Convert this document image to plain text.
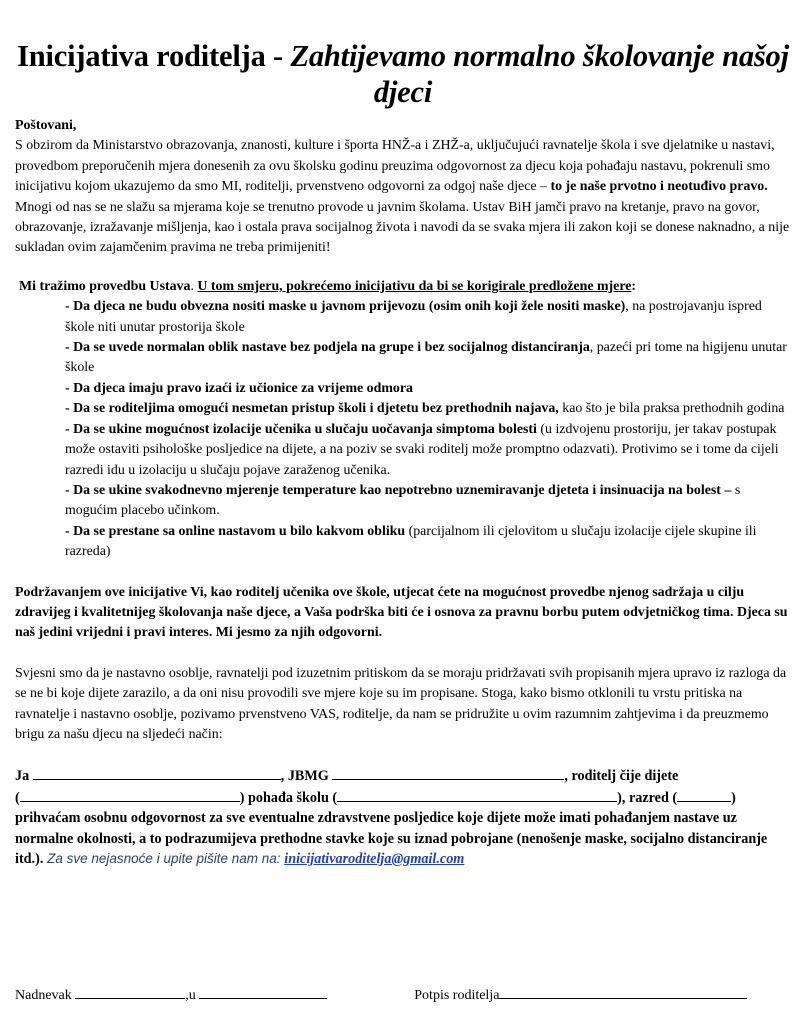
Inicijativa roditelja - Zahtijevamo normalno školovanje našoj djeci
Poštovani,
S obzirom da Ministarstvo obrazovanja, znanosti, kulture i športa HNŽ-a i ZHŽ-a, uključujući ravnatelje škola i sve djelatnike u nastavi, provedbom preporučenih mjera donesenih za ovu školsku godinu preuzima odgovornost za djecu koja pohađaju nastavu, pokrenuli smo inicijativu kojom ukazujemo da smo MI, roditelji, prvenstveno odgovorni za odgoj naše djece – to je naše prvotno i neotuđivo pravo.
Mnogi od nas se ne slažu sa mjerama koje se trenutno provode u javnim školama. Ustav BiH jamči pravo na kretanje, pravo na govor, obrazovanje, izražavanje mišljenja, kao i ostala prava socijalnog života i navodi da se svaka mjera ili zakon koji se donese naknadno, a nije sukladan ovim zajamčenim pravima ne treba primijeniti!
Mi tražimo provedbu Ustava. U tom smjeru, pokrećemo inicijativu da bi se korigirale predložene mjere:
- Da djeca ne budu obvezna nositi maske u javnom prijevozu (osim onih koji žele nositi maske), na postrojavanju ispred škole niti unutar prostorija škole
- Da se uvede normalan oblik nastave bez podjela na grupe i bez socijalnog distanciranja, pazeći pri tome na higijenu unutar škole
- Da djeca imaju pravo izaći iz učionice za vrijeme odmora
- Da se roditeljima omogući nesmetan pristup školi i djetetu bez prethodnih najava, kao što je bila praksa prethodnih godina
- Da se ukine mogućnost izolacije učenika u slučaju uočavanja simptoma bolesti (u izdvojenu prostoriju, jer takav postupak može ostaviti psihološke posljedice na dijete, a na poziv se svaki roditelj može promptno odazvati). Protivimo se i tome da cijeli razredi idu u izolaciju u slučaju pojave zaraženog učenika.
- Da se ukine svakodnevno mjerenje temperature kao nepotrebno uznemiravanje djeteta i insinuacija na bolest – s mogućim placebo učinkom.
- Da se prestane sa online nastavom u bilo kakvom obliku (parcijalnom ili cjelovitom u slučaju izolacije cijele skupine ili razreda)
Podržavanjem ove inicijative Vi, kao roditelj učenika ove škole, utjecat ćete na mogućnost provedbe njenog sadržaja u cilju zdravijeg i kvalitetnijeg školovanja naše djece, a Vaša podrška biti će i osnova za pravnu borbu putem odvjetničkog tima. Djeca su naš jedini vrijedni i pravi interes. Mi jesmo za njih odgovorni.
Svjesni smo da je nastavno osoblje, ravnatelji pod izuzetnim pritiskom da se moraju pridržavati svih propisanih mjera upravo iz razloga da se ne bi koje dijete zarazilo, a da oni nisu provodili sve mjere koje su im propisane. Stoga, kako bismo otklonili tu vrstu pritiska na ravnatelje i nastavno osoblje, pozivamo prvenstveno VAS, roditelje, da nam se pridružite u ovim razumnim zahtjevima i da preuzmemo brigu za našu djecu na sljedeći način:
Ja	, JBMG	, roditelj čije dijete
(	) pohađa školu (	), razred (	)
prihvaćam osobnu odgovornost za sve eventualne zdravstvene posljedice koje dijete može imati pohađanjem nastave uz normalne okolnosti, a to podrazumijeva prethodne stavke koje su iznad pobrojane (nenošenje maske, socijalno distanciranje itd.). Za sve nejasnoće i upite pišite nam na: inicijativaroditelja@gmail.com
Nadnevak	,u	Potpis roditelja
